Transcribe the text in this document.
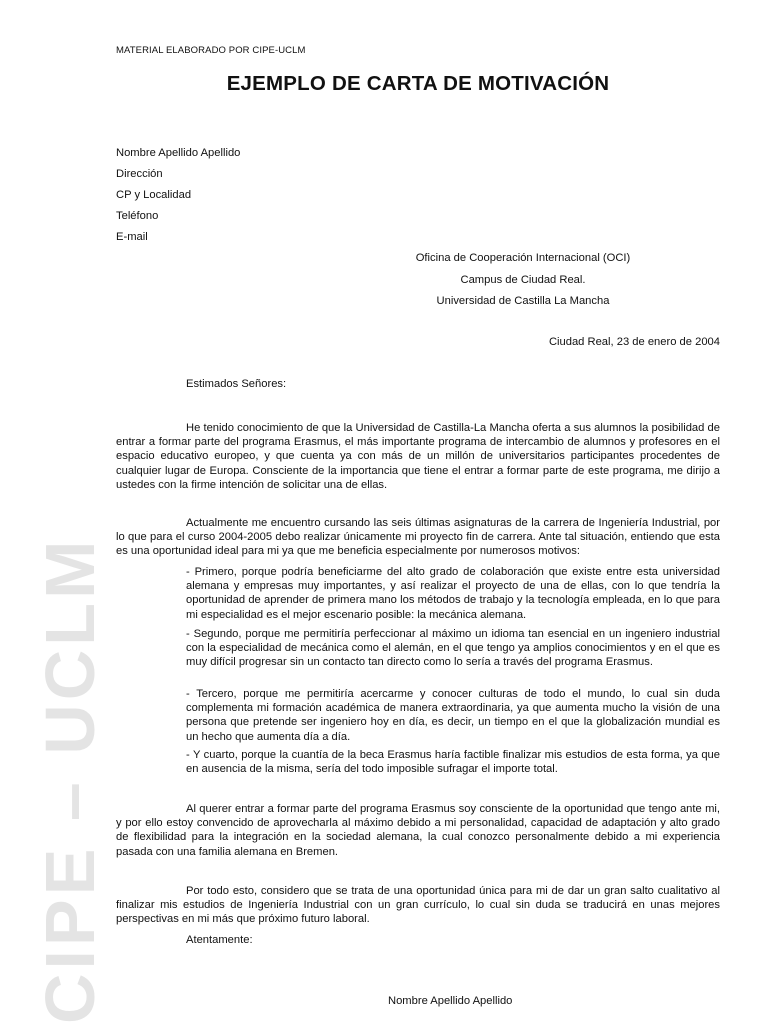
CIPE – UCLM
MATERIAL ELABORADO POR CIPE-UCLM
EJEMPLO DE CARTA DE MOTIVACIÓN
Nombre Apellido Apellido
Dirección
CP y Localidad
Teléfono
E-mail
Oficina de Cooperación Internacional (OCI)
Campus de Ciudad Real.
Universidad de Castilla La Mancha
Ciudad Real, 23 de enero de 2004
Estimados Señores:

He tenido conocimiento de que la Universidad de Castilla-La Mancha oferta a sus alumnos la posibilidad de entrar a formar parte del programa Erasmus, el más importante programa de intercambio de alumnos y profesores en el espacio educativo europeo, y que cuenta ya con más de un millón de universitarios participantes procedentes de cualquier lugar de Europa. Consciente de la importancia que tiene el entrar a formar parte de este programa, me dirijo a ustedes con la firme intención de solicitar una de ellas.

Actualmente me encuentro cursando las seis últimas asignaturas de la carrera de Ingeniería Industrial, por lo que para el curso 2004-2005 debo realizar únicamente mi proyecto fin de carrera. Ante tal situación, entiendo que esta es una oportunidad ideal para mi ya que me beneficia especialmente por numerosos motivos:

- Primero, porque podría beneficiarme del alto grado de colaboración que existe entre esta universidad alemana y empresas muy importantes, y así realizar el proyecto de una de ellas, con lo que tendría la oportunidad de aprender de primera mano los métodos de trabajo y la tecnología empleada, en lo que para mi especialidad es el mejor escenario posible: la mecánica alemana.

- Segundo, porque me permitiría perfeccionar al máximo un idioma tan esencial en un ingeniero industrial con la especialidad de mecánica como el alemán, en el que tengo ya amplios conocimientos y en el que es muy difícil progresar sin un contacto tan directo como lo sería a través del programa Erasmus.

- Tercero, porque me permitiría acercarme y conocer culturas de todo el mundo, lo cual sin duda complementa mi formación académica de manera extraordinaria, ya que aumenta mucho la visión de una persona que pretende ser ingeniero hoy en día, es decir, un tiempo en el que la globalización mundial es un hecho que aumenta día a día.

- Y cuarto, porque la cuantía de la beca Erasmus haría factible finalizar mis estudios de esta forma, ya que en ausencia de la misma, sería del todo imposible sufragar el importe total.

Al querer entrar a formar parte del programa Erasmus soy consciente de la oportunidad que tengo ante mi, y por ello estoy convencido de aprovecharla al máximo debido a mi personalidad, capacidad de adaptación y alto grado de flexibilidad para la integración en la sociedad alemana, la cual conozco personalmente debido a mi experiencia pasada con una familia alemana en Bremen.

Por todo esto, considero que se trata de una oportunidad única para mi de dar un gran salto cualitativo al finalizar mis estudios de Ingeniería Industrial con un gran currículo, lo cual sin duda se traducirá en unas mejores perspectivas en mi más que próximo futuro laboral.

Atentamente:
Nombre Apellido Apellido
